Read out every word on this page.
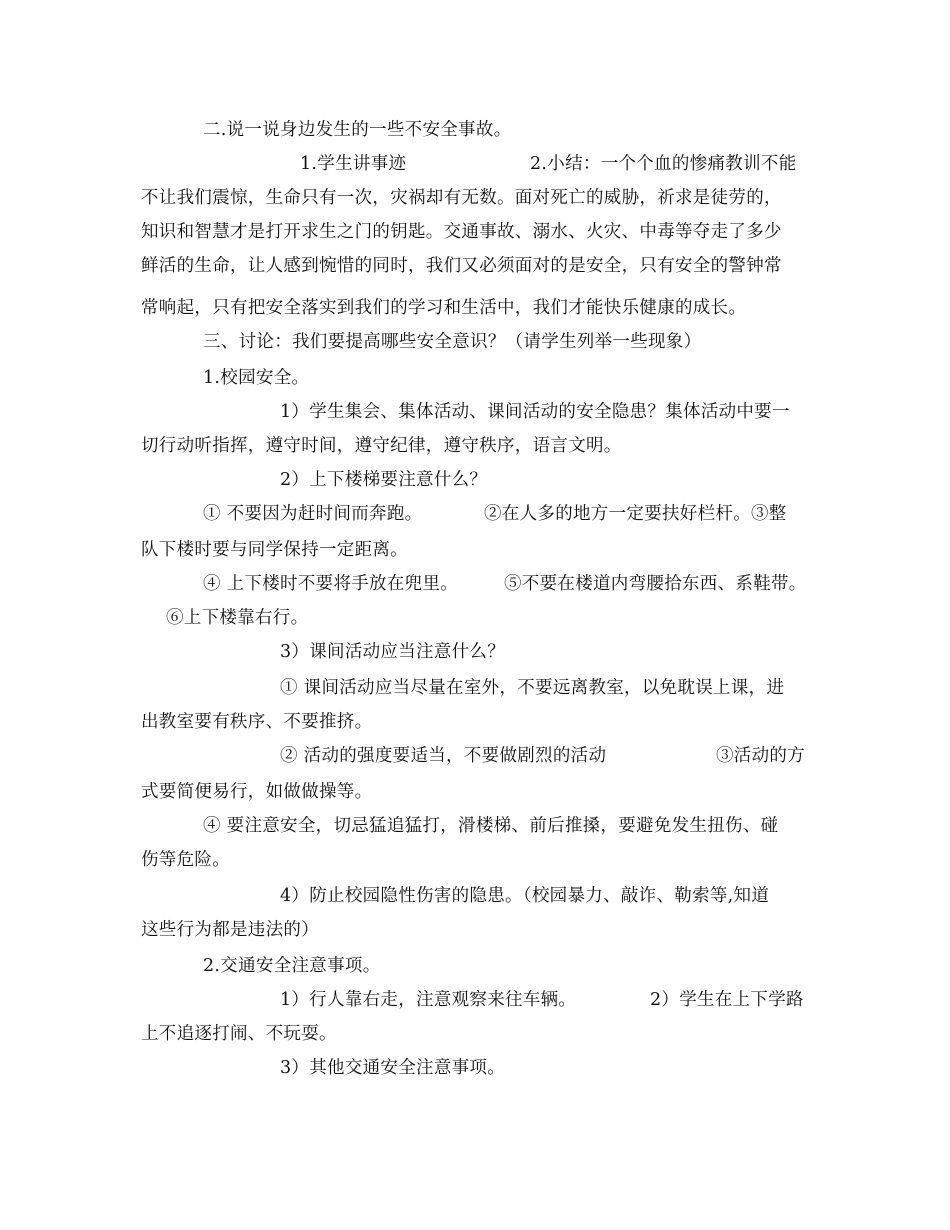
二.说一说身边发生的一些不安全事故。
1.学生讲事迹	2.小结：一个个血的惨痛教训不能
不让我们震惊，生命只有一次，灾祸却有无数。面对死亡的威胁，祈求是徒劳的，
知识和智慧才是打开求生之门的钥匙。交通事故、溺水、火灾、中毒等夺走了多少
鲜活的生命，让人感到惋惜的同时，我们又必须面对的是安全，只有安全的警钟常
常响起，只有把安全落实到我们的学习和生活中，我们才能快乐健康的成长。
三、讨论：我们要提高哪些安全意识？（请学生列举一些现象）
1.校园安全。
1）学生集会、集体活动、课间活动的安全隐患？集体活动中要一
切行动听指挥，遵守时间，遵守纪律，遵守秩序，语言文明。
2）上下楼梯要注意什么？
① 不要因为赶时间而奔跑。	②在人多的地方一定要扶好栏杆。③整
队下楼时要与同学保持一定距离。
④ 上下楼时不要将手放在兜里。	⑤不要在楼道内弯腰拾东西、系鞋带。
⑥上下楼靠右行。
3）课间活动应当注意什么？
① 课间活动应当尽量在室外，不要远离教室，以免耽误上课，进
出教室要有秩序、不要推挤。
② 活动的强度要适当，不要做剧烈的活动	③活动的方
式要简便易行，如做做操等。
④ 要注意安全，切忌猛追猛打，滑楼梯、前后推搡，要避免发生扭伤、碰
伤等危险。
4）防止校园隐性伤害的隐患。（校园暴力、敲诈、勒索等,知道
这些行为都是违法的）
2.交通安全注意事项。
1）行人靠右走，注意观察来往车辆。	2）学生在上下学路
上不追逐打闹、不玩耍。
3）其他交通安全注意事项。
